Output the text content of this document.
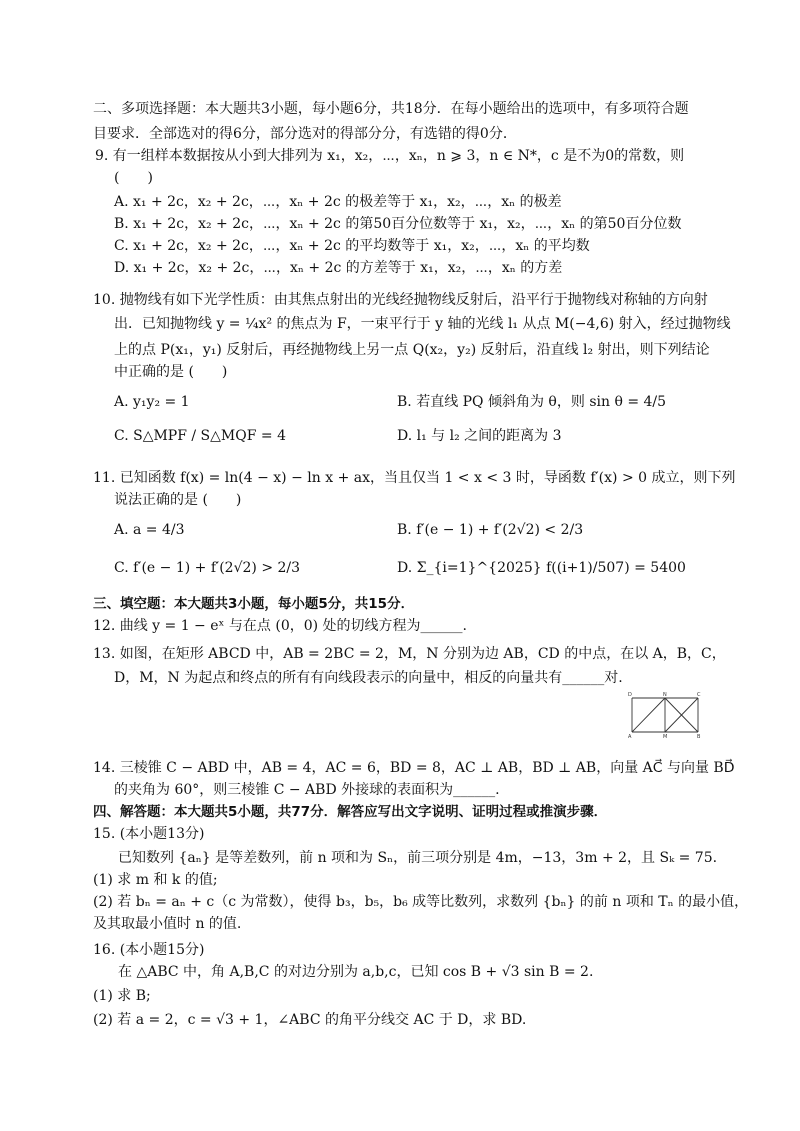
二、多项选择题：本大题共3小题，每小题6分，共18分．在每小题给出的选项中，有多项符合题
目要求．全部选对的得6分，部分选对的得部分分，有选错的得0分．
9. 有一组样本数据按从小到大排列为 x₁，x₂，⋯，xₙ，n ⩾ 3，n ∈ N*，c 是不为0的常数，则
(　　)
A. x₁ + 2c，x₂ + 2c，⋯，xₙ + 2c 的极差等于 x₁，x₂，⋯，xₙ 的极差
B. x₁ + 2c，x₂ + 2c，⋯，xₙ + 2c 的第50百分位数等于 x₁，x₂，⋯，xₙ 的第50百分位数
C. x₁ + 2c，x₂ + 2c，⋯，xₙ + 2c 的平均数等于 x₁，x₂，⋯，xₙ 的平均数
D. x₁ + 2c，x₂ + 2c，⋯，xₙ + 2c 的方差等于 x₁，x₂，⋯，xₙ 的方差
10. 抛物线有如下光学性质：由其焦点射出的光线经抛物线反射后，沿平行于抛物线对称轴的方向射
出．已知抛物线 y = ¼x² 的焦点为 F，一束平行于 y 轴的光线 l₁ 从点 M(−4,6) 射入，经过抛物线
上的点 P(x₁，y₁) 反射后，再经抛物线上另一点 Q(x₂，y₂) 反射后，沿直线 l₂ 射出，则下列结论
中正确的是 (　　)
A. y₁y₂ = 1	B. 若直线 PQ 倾斜角为 θ，则 sin θ = 4/5
C. S△MPF / S△MQF = 4	D. l₁ 与 l₂ 之间的距离为 3
11. 已知函数 f(x) = ln(4 − x) − ln x + ax，当且仅当 1 < x < 3 时，导函数 f′(x) > 0 成立，则下列
说法正确的是 (　　)
A. a = 4/3	B. f′(e − 1) + f′(2√2) < 2/3
C. f′(e − 1) + f′(2√2) > 2/3	D. Σ_{i=1}^{2025} f((i+1)/507) = 5400
三、填空题：本大题共3小题，每小题5分，共15分．
12. 曲线 y = 1 − eˣ 与在点 (0，0) 处的切线方程为______.
13. 如图，在矩形 ABCD 中，AB = 2BC = 2，M，N 分别为边 AB，CD 的中点，在以 A，B，C，
D，M，N 为起点和终点的所有有向线段表示的向量中，相反的向量共有______对.
D	N	C
A	M	B
14. 三棱锥 C − ABD 中，AB = 4，AC = 6，BD = 8，AC ⊥ AB，BD ⊥ AB，向量 AC⃗ 与向量 BD⃗
的夹角为 60°，则三棱锥 C − ABD 外接球的表面积为______.
四、解答题：本大题共5小题，共77分．解答应写出文字说明、证明过程或推演步骤．
15. (本小题13分)
已知数列 {aₙ} 是等差数列，前 n 项和为 Sₙ，前三项分别是 4m，−13，3m + 2，且 Sₖ = 75.
(1) 求 m 和 k 的值;
(2) 若 bₙ = aₙ + c（c 为常数），使得 b₃，b₅，b₆ 成等比数列，求数列 {bₙ} 的前 n 项和 Tₙ 的最小值，
及其取最小值时 n 的值.
16. (本小题15分)
在 △ABC 中，角 A,B,C 的对边分别为 a,b,c，已知 cos B + √3 sin B = 2.
(1) 求 B;
(2) 若 a = 2，c = √3 + 1，∠ABC 的角平分线交 AC 于 D，求 BD.
